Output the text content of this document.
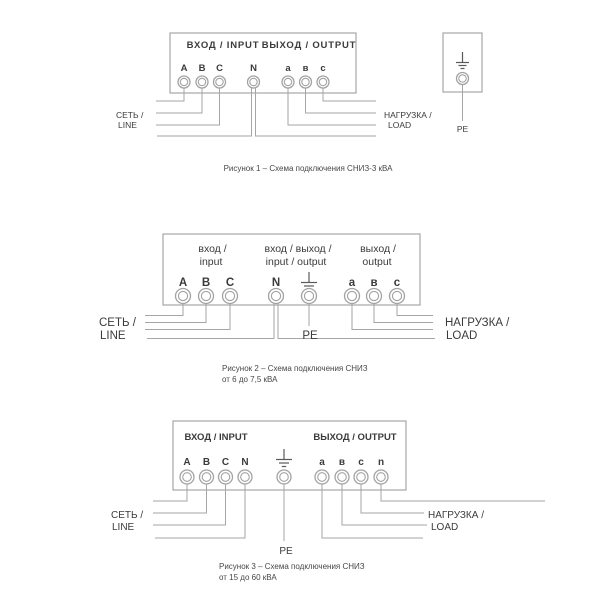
ВХОД / INPUT ВЫХОД / OUTPUT
A B C	N	а в с
СЕТЬ /
LINE
НАГРУЗКА /
LOAD	PE
Рисунок 1 – Схема подключения СНИЗ-3 кВА
вход /
input
вход / выход /
input / output
выход /
output
A B C	N	а в с
СЕТЬ /
LINE	PE
НАГРУЗКА /
LOAD
Рисунок 2 – Схема подключения СНИЗ
от 6 до 7,5 кВА
ВХОД / INPUT	ВЫХОД / OUTPUT
A B C N	а в с n
СЕТЬ /
LINE
PE
НАГРУЗКА /
LOAD
Рисунок 3 – Схема подключения СНИЗ
от 15 до 60 кВА
